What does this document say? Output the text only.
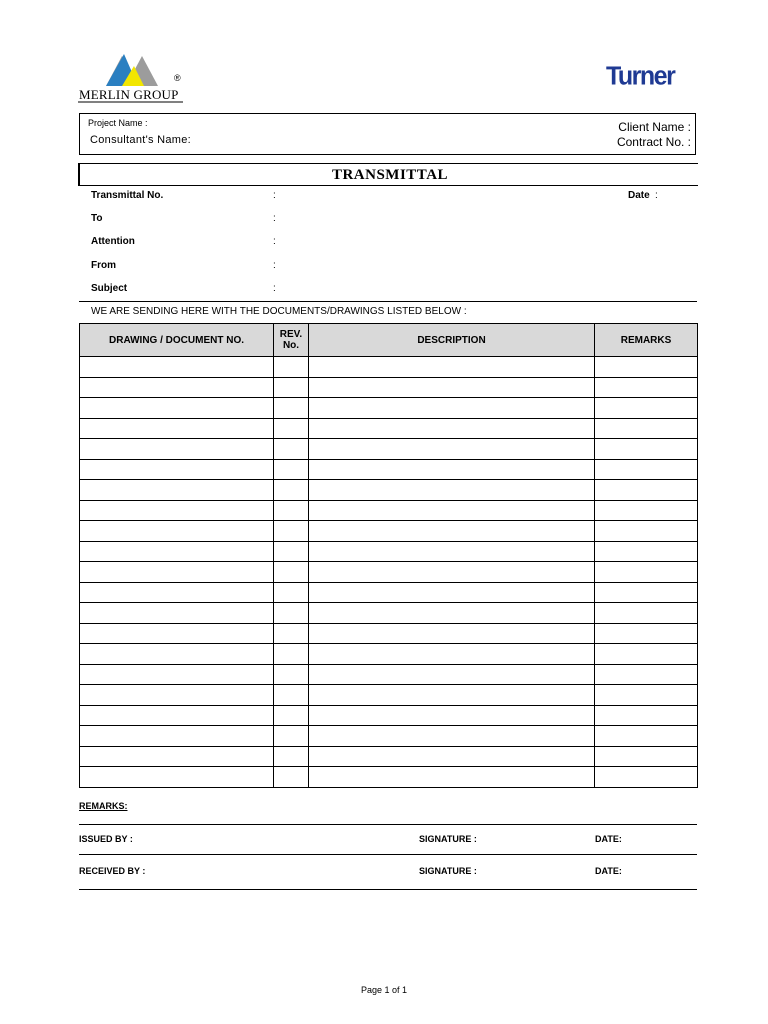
MERLIN GROUP
®	Turner
Project Name :
Consultant's Name:
Client Name :
Contract No. :
TRANSMITTAL
Transmittal No.	:
To	:
Attention	:
From	:
Subject	:
Date :
WE ARE SENDING HERE WITH THE DOCUMENTS/DRAWINGS LISTED BELOW :
DRAWING / DOCUMENT NO.	REV.
No.	DESCRIPTION	REMARKS

REMARKS:
ISSUED BY :	SIGNATURE :	DATE:
RECEIVED BY :	SIGNATURE :	DATE:
Page 1 of 1
